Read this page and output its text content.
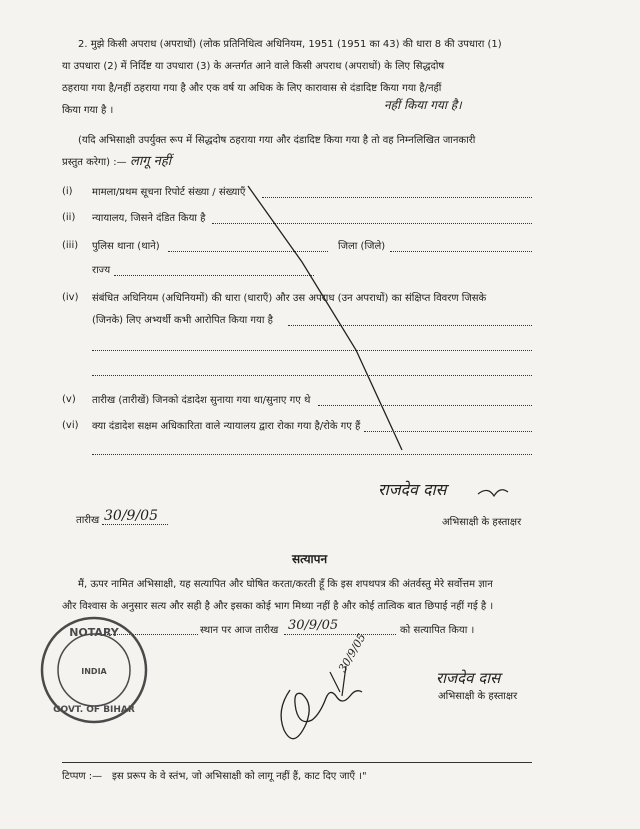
2. मुझे किसी अपराध (अपराधों) (लोक प्रतिनिधित्व अधिनियम, 1951 (1951 का 43) की धारा 8 की उपधारा (1)
या उपधारा (2) में निर्दिष्ट या उपधारा (3) के अन्तर्गत आने वाले किसी अपराध (अपराधों) के लिए सिद्धदोष
ठहराया गया है/नहीं ठहराया गया है और एक वर्ष या अधिक के लिए कारावास से दंडादिष्ट किया गया है/नहीं
किया गया है ।	नहीं किया गया है।
(यदि अभिसाक्षी उपर्युक्त रूप में सिद्धदोष ठहराया गया और दंडादिष्ट किया गया है तो वह निम्नलिखित जानकारी
प्रस्तुत करेगा) :— लागू नहीं
(i) मामला/प्रथम सूचना रिपोर्ट संख्या / संख्याएँ
(ii) न्यायालय, जिसने दंडित किया है
(iii) पुलिस थाना (थाने)	जिला (जिले)
राज्य
(iv) संबंधित अधिनियम (अधिनियमों) की धारा (धाराएँ) और उस अपराध (उन अपराधों) का संक्षिप्त विवरण जिसके
(जिनके) लिए अभ्यर्थी कभी आरोपित किया गया है
(v) तारीख (तारीखें) जिनको दंडादेश सुनाया गया था/सुनाए गए थे
(vi) क्या दंडादेश सक्षम अधिकारिता वाले न्यायालय द्वारा रोका गया है/रोके गए हैं
राजदेव दास
तारीख 30/9/05	अभिसाक्षी के हस्ताक्षर
सत्यापन
मैं, ऊपर नामित अभिसाक्षी, यह सत्यापित और घोषित करता/करती हूँ कि इस शपथपत्र की अंतर्वस्तु मेरे सर्वोत्तम ज्ञान
और विश्वास के अनुसार सत्य और सही है और इसका कोई भाग मिथ्या नहीं है और कोई तात्विक बात छिपाई नहीं गई है ।
स्थान पर आज तारीख 30/9/05	को सत्यापित किया ।
NOTARY
INDIA
GOVT. OF BIHAR
30/9/05
राजदेव दास
अभिसाक्षी के हस्ताक्षर
टिप्पण :— इस प्ररूप के वे स्तंभ, जो अभिसाक्षी को लागू नहीं हैं, काट दिए जाएँ ।"
